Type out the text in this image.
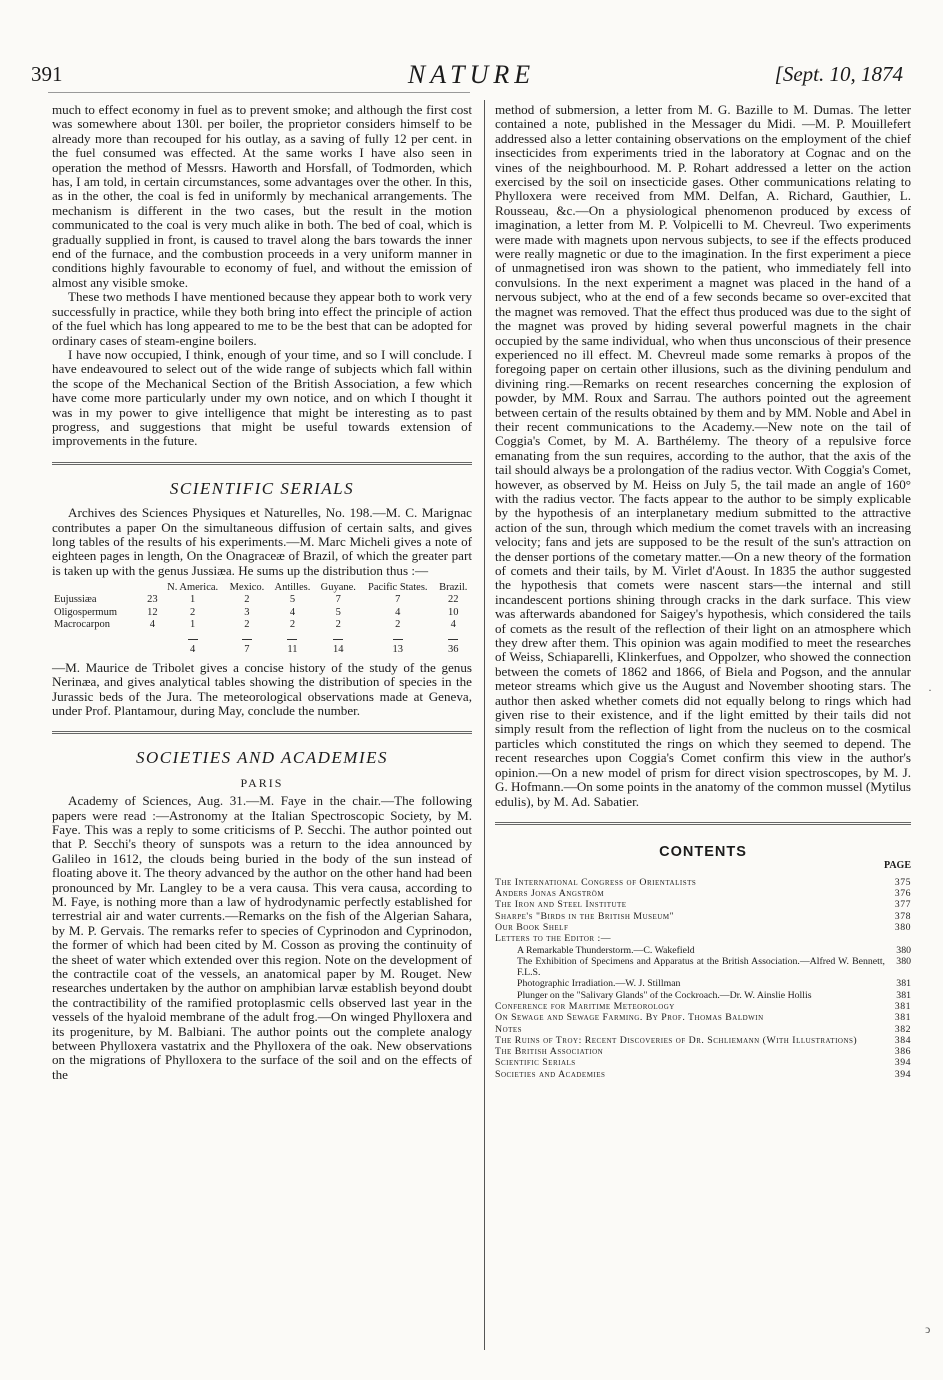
391	NATURE	[Sept. 10, 1874

much to effect economy in fuel as to prevent smoke; and although the first cost was somewhere about 130l. per boiler, the proprietor considers himself to be already more than recouped for his outlay, as a saving of fully 12 per cent. in the fuel consumed was effected. At the same works I have also seen in operation the method of Messrs. Haworth and Horsfall, of Todmorden, which has, I am told, in certain circumstances, some advantages over the other. In this, as in the other, the coal is fed in uniformly by mechanical arrangements. The mechanism is different in the two cases, but the result in the motion communicated to the coal is very much alike in both. The bed of coal, which is gradually supplied in front, is caused to travel along the bars towards the inner end of the furnace, and the combustion proceeds in a very uniform manner in conditions highly favourable to economy of fuel, and without the emission of almost any visible smoke.

These two methods I have mentioned because they appear both to work very successfully in practice, while they both bring into effect the principle of action of the fuel which has long appeared to me to be the best that can be adopted for ordinary cases of steam-engine boilers.

I have now occupied, I think, enough of your time, and so I will conclude. I have endeavoured to select out of the wide range of subjects which fall within the scope of the Mechanical Section of the British Association, a few which have come more particularly under my own notice, and on which I thought it was in my power to give intelligence that might be interesting as to past progress, and suggestions that might be useful towards extension of improvements in the future.

SCIENTIFIC SERIALS

Archives des Sciences Physiques et Naturelles, No. 198.—M. C. Marignac contributes a paper On the simultaneous diffusion of certain salts, and gives long tables of the results of his experiments.—M. Marc Micheli gives a note of eighteen pages in length, On the Onagraceæ of Brazil, of which the greater part is taken up with the genus Jussiæa. He sums up the distribution thus :—

		N. America.	Mexico.	Antilles.	Guyane.	Pacific States.	Brazil.
Eujussiæa	23	1	2	5	7	7	22
Oligospermum	12	2	3	4	5	4	10
Macrocarpon	4	1	2	2	2	2	4

		4	7	11	14	13	36

—M. Maurice de Tribolet gives a concise history of the study of the genus Nerinæa, and gives analytical tables showing the distribution of species in the Jurassic beds of the Jura. The meteorological observations made at Geneva, under Prof. Plantamour, during May, conclude the number.

SOCIETIES AND ACADEMIES
PARIS

Academy of Sciences, Aug. 31.—M. Faye in the chair.—The following papers were read :—Astronomy at the Italian Spectroscopic Society, by M. Faye. This was a reply to some criticisms of P. Secchi. The author pointed out that P. Secchi's theory of sunspots was a return to the idea announced by Galileo in 1612, the clouds being buried in the body of the sun instead of floating above it. The theory advanced by the author on the other hand had been pronounced by Mr. Langley to be a vera causa. This vera causa, according to M. Faye, is nothing more than a law of hydrodynamic perfectly established for terrestrial air and water currents.—Remarks on the fish of the Algerian Sahara, by M. P. Gervais. The remarks refer to species of Cyprinodon and Cyprinodon, the former of which had been cited by M. Cosson as proving the continuity of the sheet of water which extended over this region. Note on the development of the contractile coat of the vessels, an anatomical paper by M. Rouget. New researches undertaken by the author on amphibian larvæ establish beyond doubt the contractibility of the ramified protoplasmic cells observed last year in the vessels of the hyaloid membrane of the adult frog.—On winged Phylloxera and its progeniture, by M. Balbiani. The author points out the complete analogy between Phylloxera vastatrix and the Phylloxera of the oak. New observations on the migrations of Phylloxera to the surface of the soil and on the effects of the

method of submersion, a letter from M. G. Bazille to M. Dumas. The letter contained a note, published in the Messager du Midi. —M. P. Mouillefert addressed also a letter containing observations on the employment of the chief insecticides from experiments tried in the laboratory at Cognac and on the vines of the neighbourhood. M. P. Rohart addressed a letter on the action exercised by the soil on insecticide gases. Other communications relating to Phylloxera were received from MM. Delfan, A. Richard, Gauthier, L. Rousseau, &c.—On a physiological phenomenon produced by excess of imagination, a letter from M. P. Volpicelli to M. Chevreul. Two experiments were made with magnets upon nervous subjects, to see if the effects produced were really magnetic or due to the imagination. In the first experiment a piece of unmagnetised iron was shown to the patient, who immediately fell into convulsions. In the next experiment a magnet was placed in the hand of a nervous subject, who at the end of a few seconds became so over-excited that the magnet was removed. That the effect thus produced was due to the sight of the magnet was proved by hiding several powerful magnets in the chair occupied by the same individual, who when thus unconscious of their presence experienced no ill effect. M. Chevreul made some remarks à propos of the foregoing paper on certain other illusions, such as the divining pendulum and divining ring.—Remarks on recent researches concerning the explosion of powder, by MM. Roux and Sarrau. The authors pointed out the agreement between certain of the results obtained by them and by MM. Noble and Abel in their recent communications to the Academy.—New note on the tail of Coggia's Comet, by M. A. Barthélemy. The theory of a repulsive force emanating from the sun requires, according to the author, that the axis of the tail should always be a prolongation of the radius vector. With Coggia's Comet, however, as observed by M. Heiss on July 5, the tail made an angle of 160° with the radius vector. The facts appear to the author to be simply explicable by the hypothesis of an interplanetary medium submitted to the attractive action of the sun, through which medium the comet travels with an increasing velocity; fans and jets are supposed to be the result of the sun's attraction on the denser portions of the cometary matter.—On a new theory of the formation of comets and their tails, by M. Virlet d'Aoust. In 1835 the author suggested the hypothesis that comets were nascent stars—the internal and still incandescent portions shining through cracks in the dark surface. This view was afterwards abandoned for Saigey's hypothesis, which considered the tails of comets as the result of the reflection of their light on an atmosphere which they drew after them. This opinion was again modified to meet the researches of Weiss, Schiaparelli, Klinkerfues, and Oppolzer, who showed the connection between the comets of 1862 and 1866, of Biela and Pogson, and the annular meteor streams which give us the August and November shooting stars. The author then asked whether comets did not equally belong to rings which had given rise to their existence, and if the light emitted by their tails did not simply result from the reflection of light from the nucleus on to the cosmical particles which constituted the rings on which they seemed to depend. The recent researches upon Coggia's Comet confirm this view in the author's opinion.—On a new model of prism for direct vision spectroscopes, by M. J. G. Hofmann.—On some points in the anatomy of the common mussel (Mytilus edulis), by M. Ad. Sabatier.

CONTENTS
PAGE
The International Congress of Orientalists	375
Anders Jonas Angström	376
The Iron and Steel Institute	377
Sharpe's "Birds in the British Museum"	378
Our Book Shelf	380
Letters to the Editor :—
A Remarkable Thunderstorm.—C. Wakefield	380
The Exhibition of Specimens and Apparatus at the British Association.—Alfred W. Bennett, F.L.S.
380
Photographic Irradiation.—W. J. Stillman	381
Plunger on the "Salivary Glands" of the Cockroach.—Dr. W. Ainslie Hollis	381
Conference for Maritime Meteorology	381
On Sewage and Sewage Farming. By Prof. Thomas Baldwin	381
Notes	382
The Ruins of Troy: Recent Discoveries of Dr. Schliemann (With Illustrations)	384
The British Association	386
Scientific Serials	394
Societies and Academies	394
·
ↄ
